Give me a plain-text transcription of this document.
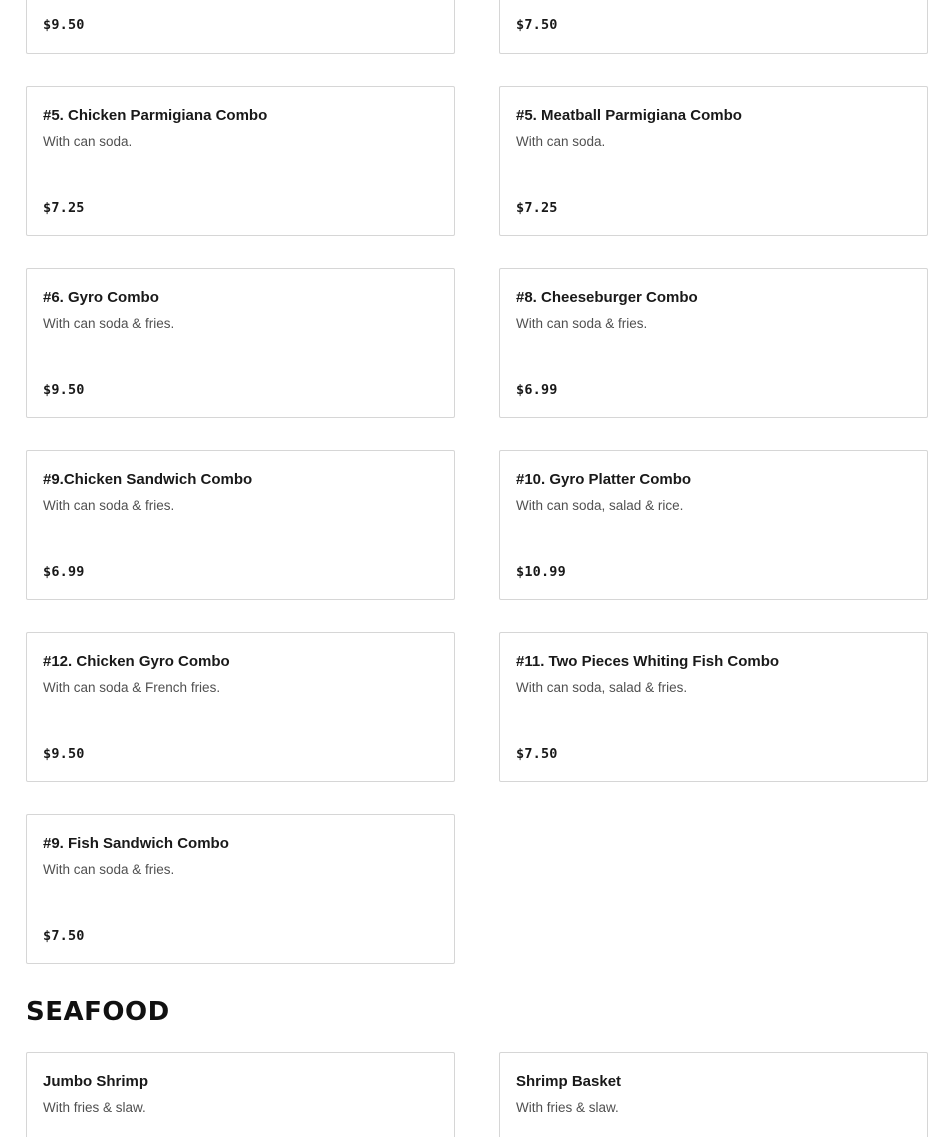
$9.50	$7.50
#5. Chicken Parmigiana Combo
With can soda.
$7.25
#5. Meatball Parmigiana Combo
With can soda.
$7.25
#6. Gyro Combo
With can soda & fries.
$9.50
#8. Cheeseburger Combo
With can soda & fries.
$6.99
#9.Chicken Sandwich Combo
With can soda & fries.
$6.99
#10. Gyro Platter Combo
With can soda, salad & rice.
$10.99
#12. Chicken Gyro Combo
With can soda & French fries.
$9.50
#11. Two Pieces Whiting Fish Combo
With can soda, salad & fries.
$7.50
#9. Fish Sandwich Combo
With can soda & fries.
$7.50
SEAFOOD
Jumbo Shrimp
With fries & slaw.
Shrimp Basket
With fries & slaw.
